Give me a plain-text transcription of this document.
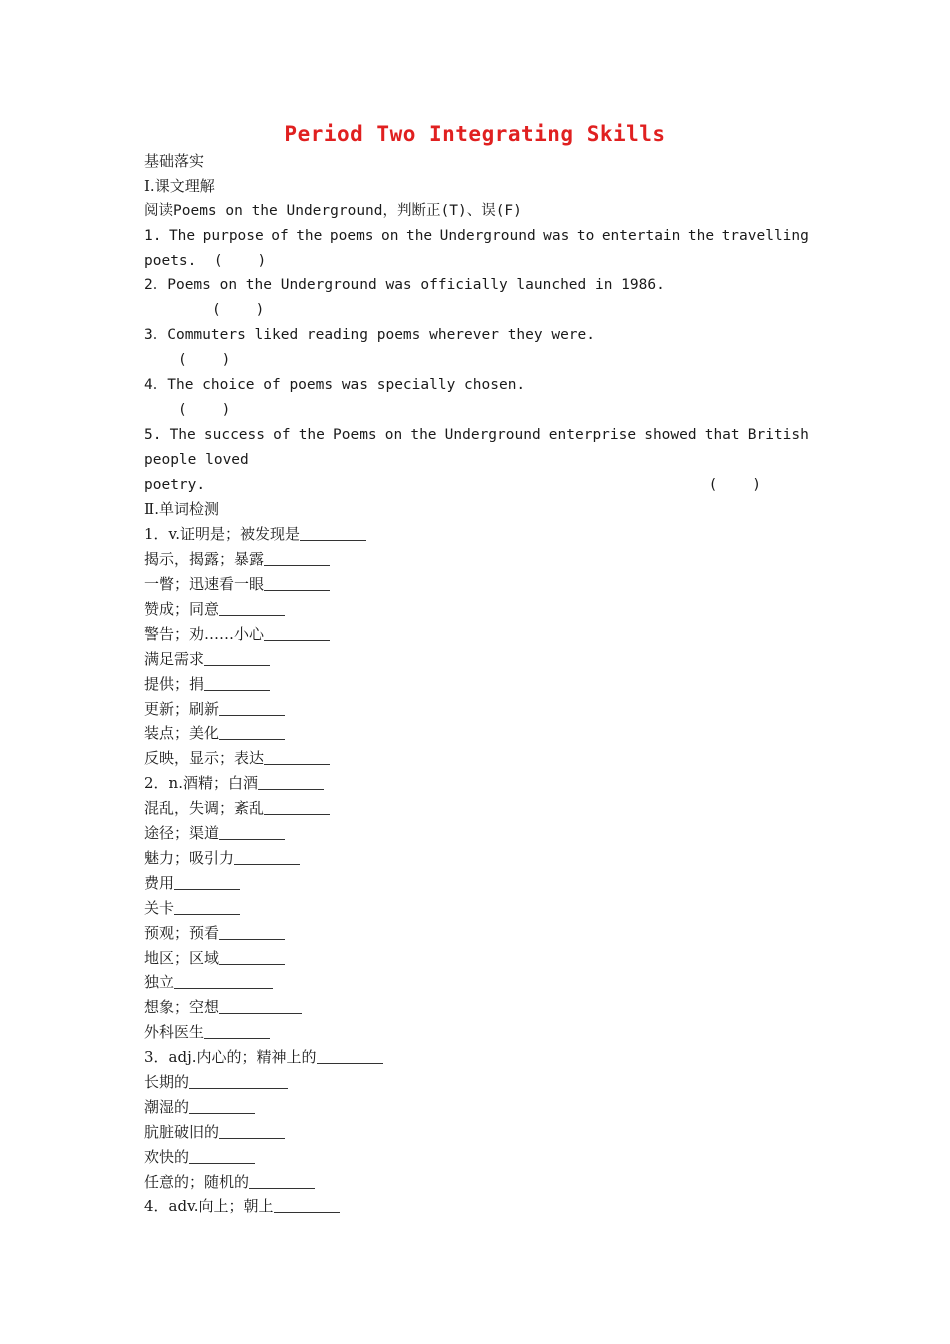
Period Two Integrating Skills
基础落实
Ⅰ.课文理解
阅读Poems on the Underground，判断正(T)、误(F)
1. The purpose of the poems on the Underground was to entertain the travelling
poets.  (    )
2．Poems on the Underground was officially launched in 1986.
(    )
3．Commuters liked reading poems wherever they were.
(    )
4．The choice of poems was specially chosen.
(    )
5. The success of the Poems on the Underground enterprise showed that British
people loved
poetry.	(    )
Ⅱ.单词检测
1．v.证明是；被发现是
揭示，揭露；暴露
一瞥；迅速看一眼
赞成；同意
警告；劝……小心
满足需求
提供；捐
更新；刷新
装点；美化
反映，显示；表达
2．n.酒精；白酒
混乱，失调；紊乱
途径；渠道
魅力；吸引力
费用
关卡
预观；预看
地区；区域
独立
想象；空想
外科医生
3．adj.内心的；精神上的
长期的
潮湿的
肮脏破旧的
欢快的
任意的；随机的
4．adv.向上；朝上
